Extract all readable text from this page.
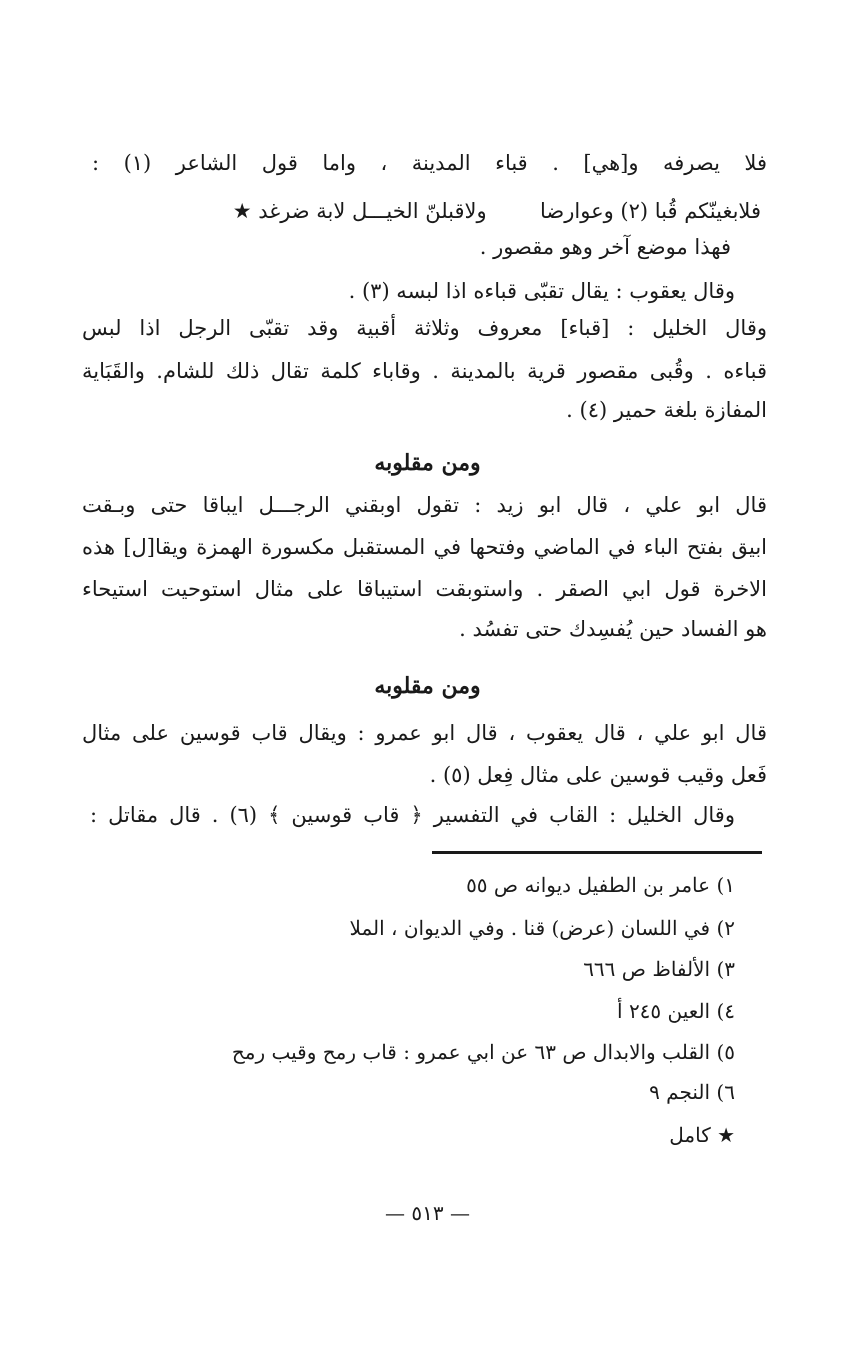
فلا يصرفه و[هي] . قباء المدينة ، واما قول الشاعر (١) :
فلابغينّكم قُبا (٢) وعوارضا  ولاقبلنّ الخيـــل لابة ضرغد ★
فهذا موضع آخر وهو مقصور .
وقال يعقوب : يقال تقبّى قباءه اذا لبسه (٣) .
وقال الخليل : [قباء] معروف وثلاثة أقبية وقد تقبّى الرجل اذا لبس
قباءه . وقُبى مقصور قرية بالمدينة . وقاباء كلمة تقال ذلك للشام. والقَبَاية
المفازة بلغة حمير (٤) .
ومن مقلوبه
قال ابو علي ، قال ابو زيد : تقول اوبقني الرجـــل ايباقا حتى وبـقت
ابيق بفتح الباء في الماضي وفتحها في المستقبل مكسورة الهمزة ويقا[ل] هذه
الاخرة قول ابي الصقر . واستوبقت استيباقا على مثال استوحيت استيحاء
هو الفساد حين يُفسِدك حتى تفسُد .
ومن مقلوبه
قال ابو علي ، قال يعقوب ، قال ابو عمرو : ويقال قاب قوسين على مثال
فَعل وقيب قوسين على مثال فِعل (٥) .
وقال الخليل : القاب في التفسير ﴿ قاب قوسين ﴾ (٦) . قال مقاتل :
١) عامر بن الطفيل ديوانه ص ٥٥
٢) في اللسان (عرض) قنا . وفي الديوان ، الملا
٣) الألفاظ ص ٦٦٦
٤) العين ٢٤٥ أ
٥) القلب والابدال ص ٦٣ عن ابي عمرو : قاب رمح وقيب رمح
٦) النجم ٩
★ كامل
— ٥١٣ —
